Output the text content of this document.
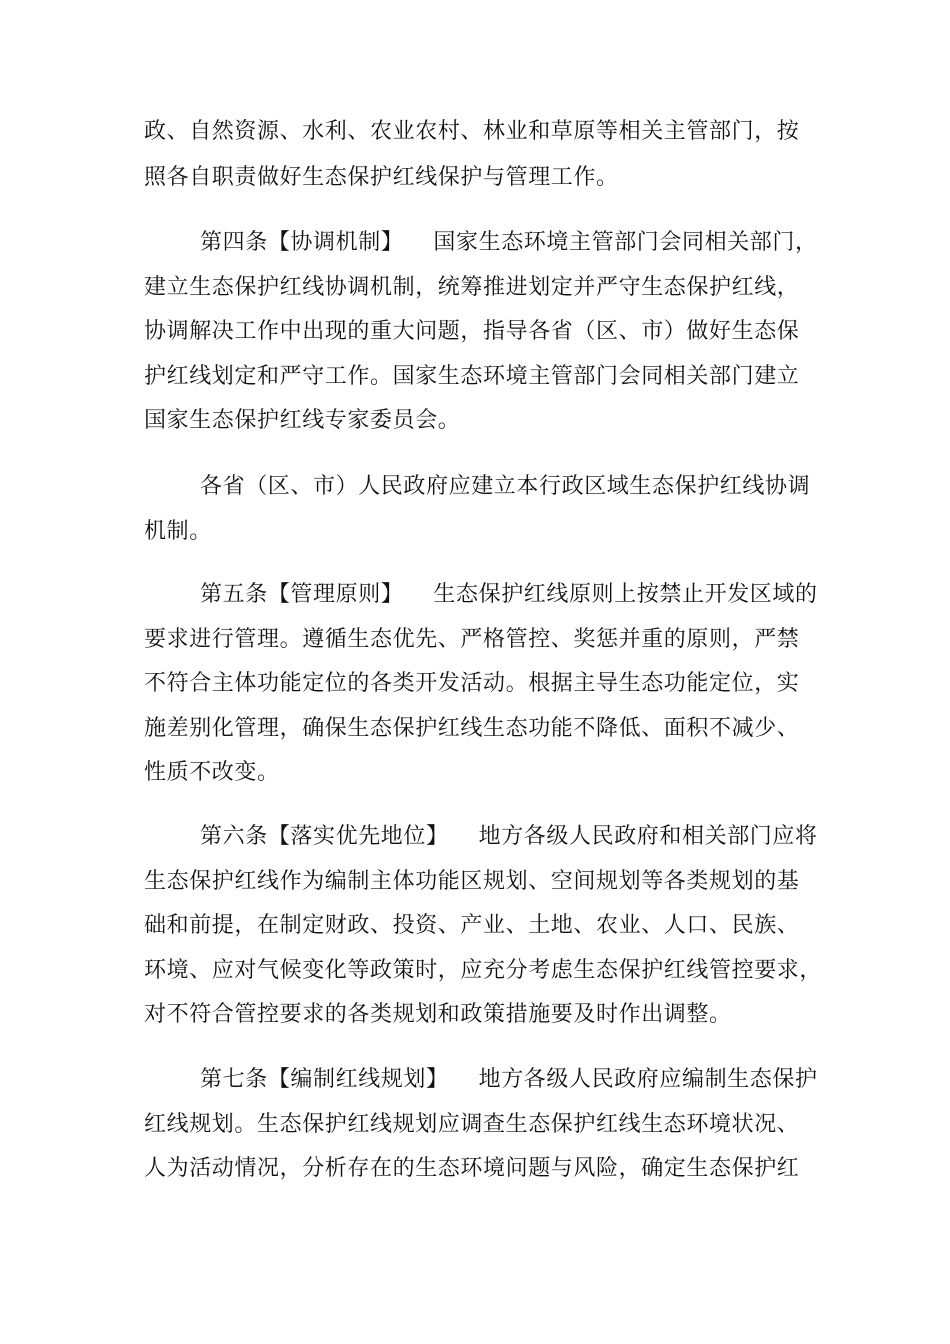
政、自然资源、水利、农业农村、林业和草原等相关主管部门，按
照各自职责做好生态保护红线保护与管理工作。
第四条【协调机制】 国家生态环境主管部门会同相关部门，
建立生态保护红线协调机制，统筹推进划定并严守生态保护红线，
协调解决工作中出现的重大问题，指导各省（区、市）做好生态保
护红线划定和严守工作。国家生态环境主管部门会同相关部门建立
国家生态保护红线专家委员会。
各省（区、市）人民政府应建立本行政区域生态保护红线协调
机制。
第五条【管理原则】 生态保护红线原则上按禁止开发区域的
要求进行管理。遵循生态优先、严格管控、奖惩并重的原则，严禁
不符合主体功能定位的各类开发活动。根据主导生态功能定位，实
施差别化管理，确保生态保护红线生态功能不降低、面积不减少、
性质不改变。
第六条【落实优先地位】 地方各级人民政府和相关部门应将
生态保护红线作为编制主体功能区规划、空间规划等各类规划的基
础和前提，在制定财政、投资、产业、土地、农业、人口、民族、
环境、应对气候变化等政策时，应充分考虑生态保护红线管控要求，
对不符合管控要求的各类规划和政策措施要及时作出调整。
第七条【编制红线规划】 地方各级人民政府应编制生态保护
红线规划。生态保护红线规划应调查生态保护红线生态环境状况、
人为活动情况，分析存在的生态环境问题与风险，确定生态保护红
